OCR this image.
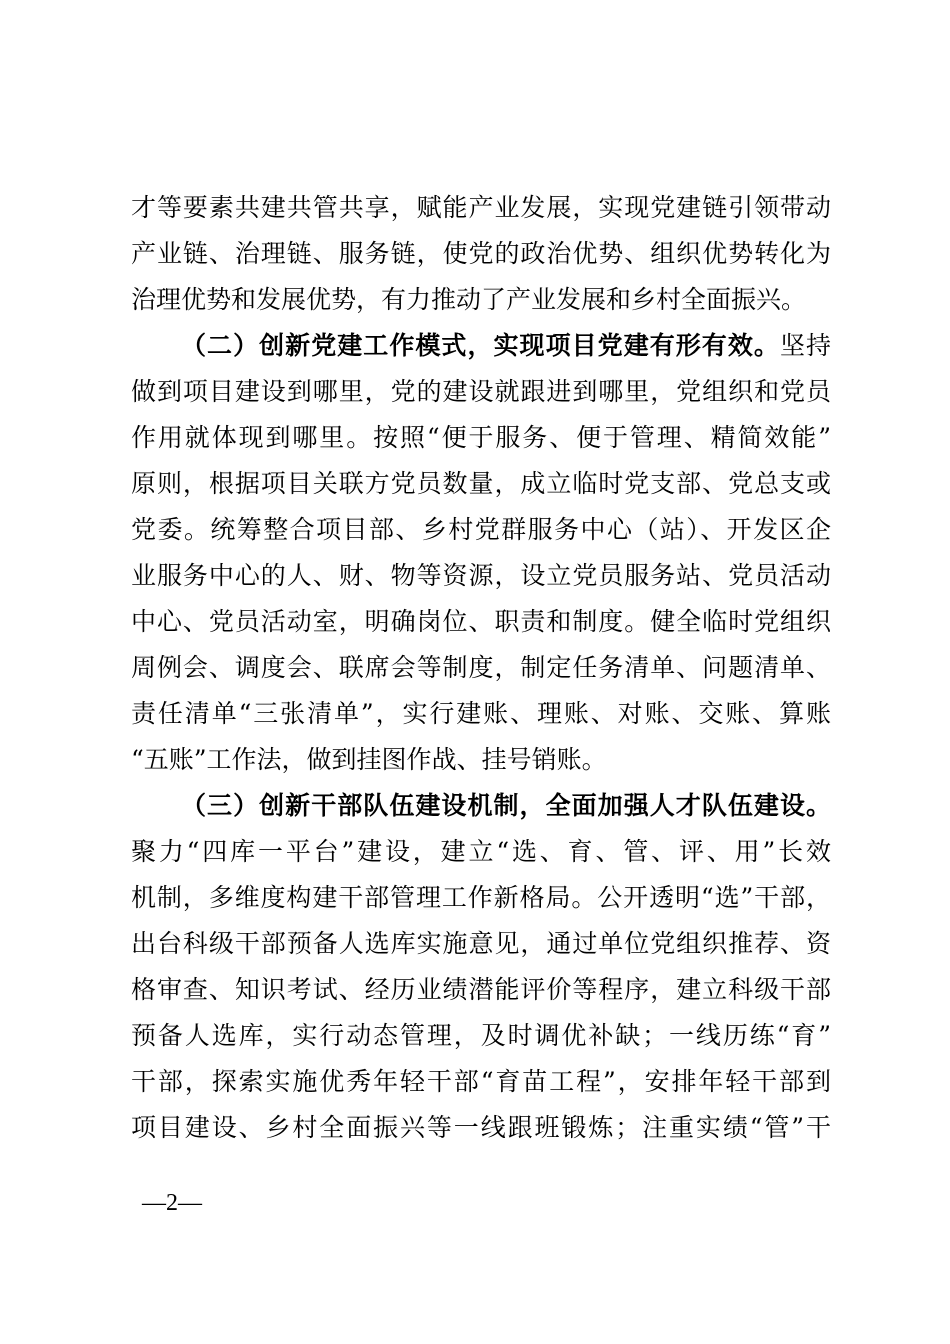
才等要素共建共管共享，赋能产业发展，实现党建链引领带动
产业链、治理链、服务链，使党的政治优势、组织优势转化为
治理优势和发展优势，有力推动了产业发展和乡村全面振兴。
（二）创新党建工作模式，实现项目党建有形有效。坚持
做到项目建设到哪里，党的建设就跟进到哪里，党组织和党员
作用就体现到哪里。按照“便于服务、便于管理、精简效能”
原则，根据项目关联方党员数量，成立临时党支部、党总支或
党委。统筹整合项目部、乡村党群服务中心（站）、开发区企
业服务中心的人、财、物等资源，设立党员服务站、党员活动
中心、党员活动室，明确岗位、职责和制度。健全临时党组织
周例会、调度会、联席会等制度，制定任务清单、问题清单、
责任清单“三张清单”，实行建账、理账、对账、交账、算账
“五账”工作法，做到挂图作战、挂号销账。
（三）创新干部队伍建设机制，全面加强人才队伍建设。
聚力“四库一平台”建设，建立“选、育、管、评、用”长效
机制，多维度构建干部管理工作新格局。公开透明“选”干部，
出台科级干部预备人选库实施意见，通过单位党组织推荐、资
格审查、知识考试、经历业绩潜能评价等程序，建立科级干部
预备人选库，实行动态管理，及时调优补缺；一线历练“育”
干部，探索实施优秀年轻干部“育苗工程”，安排年轻干部到
项目建设、乡村全面振兴等一线跟班锻炼；注重实绩“管”干
—2—
